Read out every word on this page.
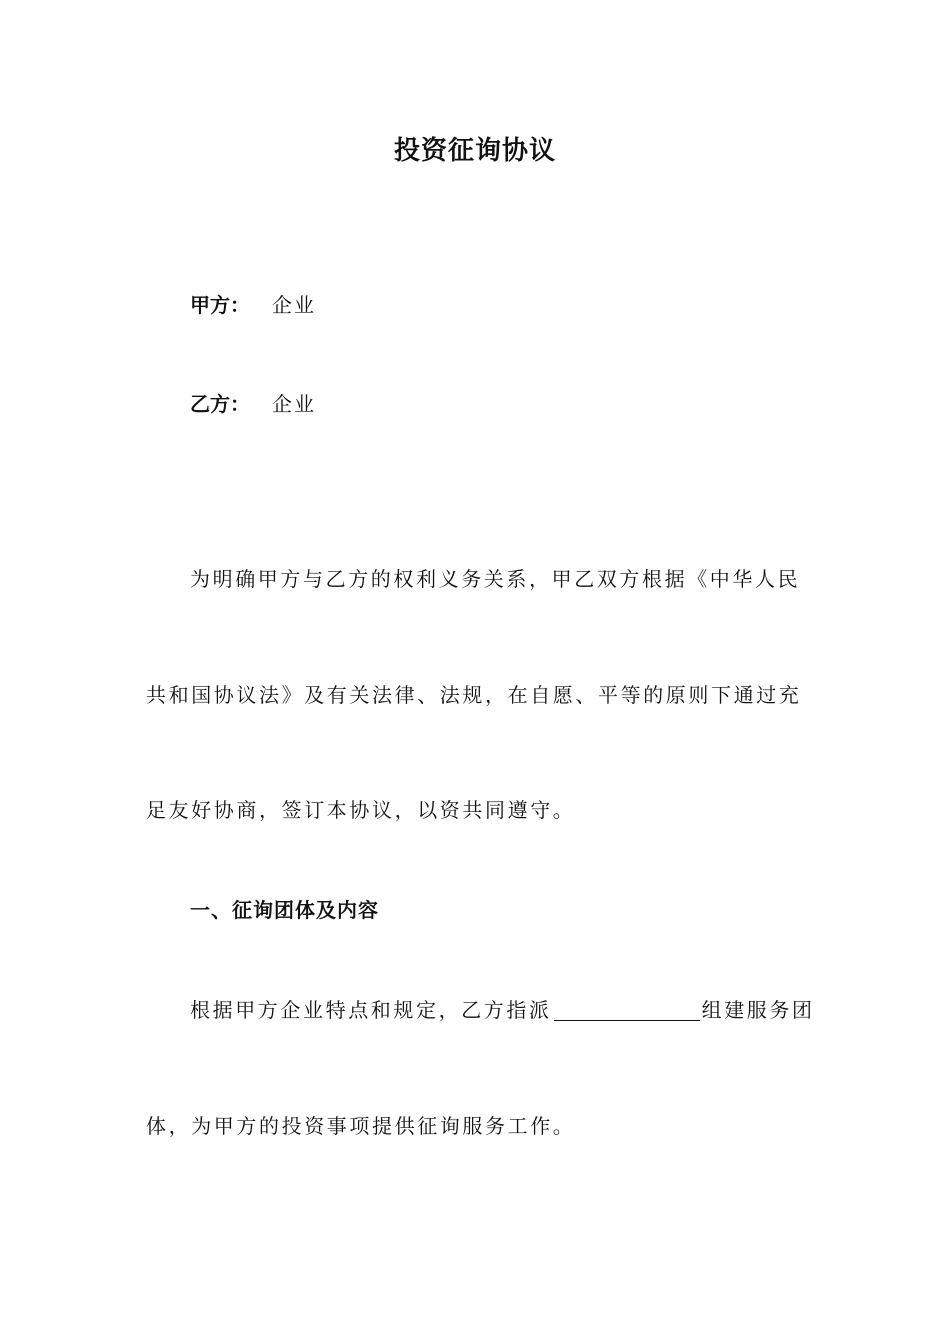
投资征询协议
甲方： 企业
乙方： 企业
为明确甲方与乙方的权利义务关系，甲乙双方根据《中华人民
共和国协议法》及有关法律、法规，在自愿、平等的原则下通过充
足友好协商，签订本协议，以资共同遵守。
一、征询团体及内容
根据甲方企业特点和规定，乙方指派	组建服务团
体，为甲方的投资事项提供征询服务工作。
